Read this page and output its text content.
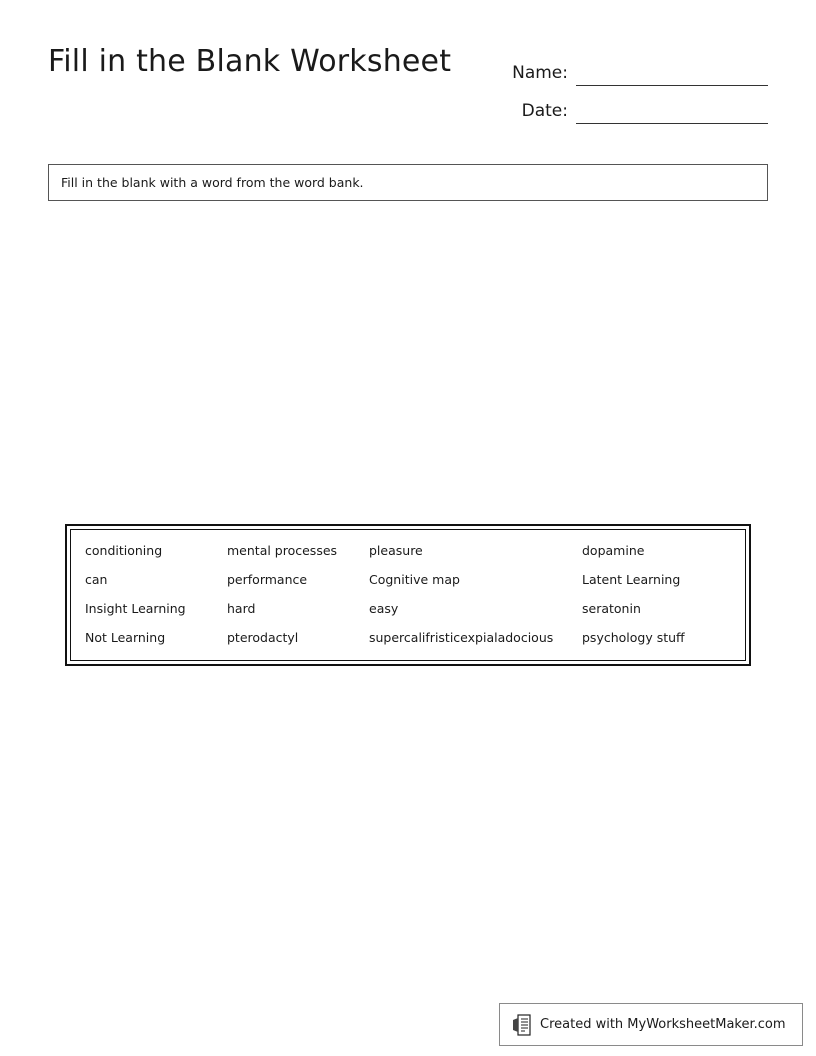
Fill in the Blank Worksheet	Name:
Date:
Fill in the blank with a word from the word bank.
conditioning	mental processes	pleasure	dopamine
can	performance	Cognitive map	Latent Learning
Insight Learning	hard	easy	seratonin
Not Learning	pterodactyl	supercalifristicexpialadocious	psychology stuff
Created with MyWorksheetMaker.com
